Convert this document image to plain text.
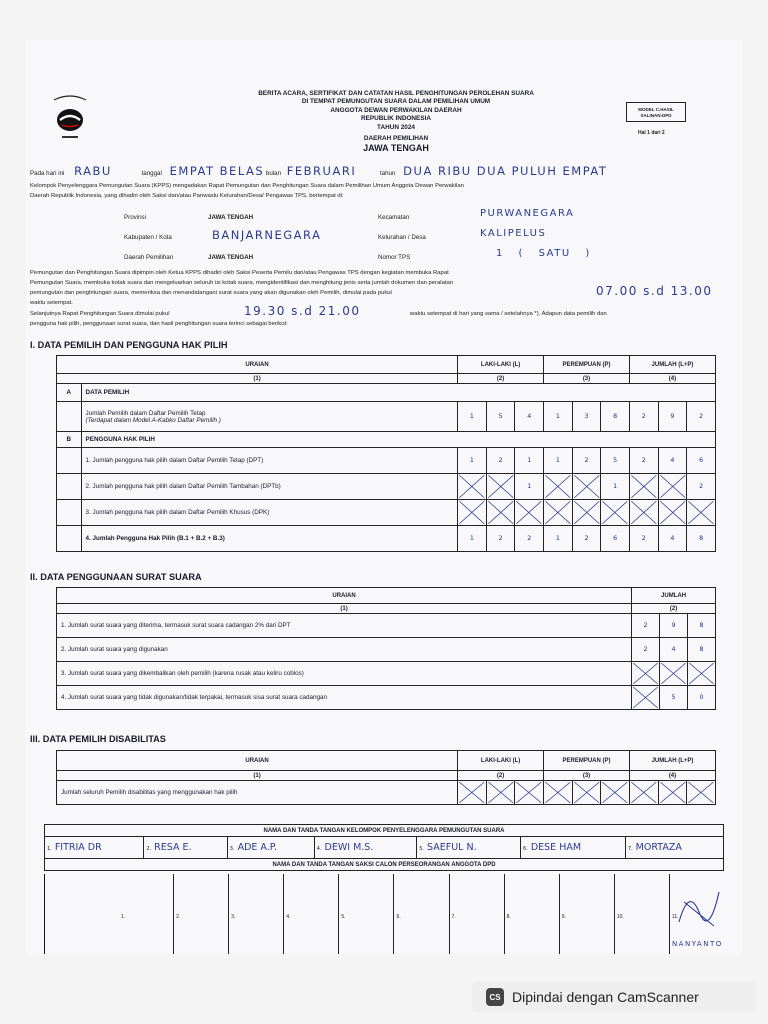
BERITA ACARA, SERTIFIKAT DAN CATATAN HASIL PENGHITUNGAN PEROLEHAN SUARA
DI TEMPAT PEMUNGUTAN SUARA DALAM PEMILIHAN UMUM
ANGGOTA DEWAN PERWAKILAN DAERAH
REPUBLIK INDONESIA
TAHUN 2024
DAERAH PEMILIHAN
JAWA TENGAH
MODEL C.HASIL SALINAN-DPD
Hal 1 dari 2
Pada hari ini RABU	tanggal EMPAT BELAS bulan FEBRUARI	tahun DUA RIBU DUA PULUH EMPAT
Kelompok Penyelenggara Pemungutan Suara (KPPS) mengadakan Rapat Pemungutan dan Penghitungan Suara dalam Pemilihan Umum Anggota Dewan Perwakilan
Daerah Republik Indonesia, yang dihadiri oleh Saksi dan/atau Panwaslu Kelurahan/Desa/ Pengawas TPS, bertempat di:
Provinsi	JAWA TENGAH
Kabupaten / Kota	BANJARNEGARA
Daerah Pemilihan	JAWA TENGAH
Kecamatan	PURWANEGARA
Kelurahan / Desa	KALIPELUS
Nomor TPS	1 ( SATU )
Pemungutan dan Penghitungan Suara dipimpin oleh Ketua KPPS dihadiri oleh Saksi Peserta Pemilu dan/atau Pengawas TPS dengan kegiatan membuka Rapat
Pemungutan Suara, membuka kotak suara dan mengeluarkan seluruh isi kotak suara, mengidentifikasi dan menghitung jenis serta jumlah dokumen dan peralatan
pemungutan dan penghitungan suara, memeriksa dan menandatangani surat suara yang akan digunakan oleh Pemilih, dimulai pada pukul	07.00 s.d 13.00
waktu setempat.
Selanjutnya Rapat Penghitungan Suara dimulai pukul	19.30 s.d 21.00	waktu setempat di hari yang sama / setelahnya *). Adapun data pemilih dan
pengguna hak pilih, penggunaan surat suara, dan hasil penghitungan suara terinci sebagai berikut:
I. DATA PEMILIH DAN PENGGUNA HAK PILIH
URAIAN		LAKI-LAKI (L)			PEREMPUAN (P)			JUMLAH (L+P)		
(1)		(2)			(3)			(4)		
A	DATA PEMILIH									

	Jumlah Pemilih dalam Daftar Pemilih Tetap
(Terdapat dalam Model A-Kabko Daftar Pemilih )	1	5	4	1	3	8	2	9	2
B	PENGGUNA HAK PILIH									
	1. Jumlah pengguna hak pilih dalam Daftar Pemilih Tetap (DPT)	1	2	1	1	2	5	2	4	6
	2. Jumlah pengguna hak pilih dalam Daftar Pemilih Tambahan (DPTb)			1			1			2
	3. Jumlah pengguna hak pilih dalam Daftar Pemilih Khusus (DPK)	

	4. Jumlah Pengguna Hak Pilih (B.1 + B.2 + B.3)	1	2	2	1	2	6	2	4	8
II. DATA PENGGUNAAN SURAT SUARA
URAIAN	JUMLAH		
(1)	(2)		
1. Jumlah surat suara yang diterima, termasuk surat suara cadangan 2% dari DPT	2	9	8
2. Jumlah surat suara yang digunakan	2	4	8
3. Jumlah surat suara yang dikembalikan oleh pemilih (karena rusak atau keliru coblos)	

4. Jumlah surat suara yang tidak digunakan/tidak terpakai, termasuk sisa surat suara cadangan		5	0
III. DATA PEMILIH DISABILITAS
URAIAN	LAKI-LAKI (L)			PEREMPUAN (P)			JUMLAH (L+P)		
(1)	(2)			(3)			(4)		
Jumlah seluruh Pemilih disabilitas yang menggunakan hak pilih	

NAMA DAN TANDA TANGAN KELOMPOK PENYELENGGARA PEMUNGUTAN SUARA
1. FITRIA DR	2. RESA E.	3. ADE A.P.	4. DEWI M.S.	5. SAEFUL N.	6. DESE HAM	7. MORTAZA
NAMA DAN TANDA TANGAN SAKSI CALON PERSEORANGAN ANGGOTA DPD
1.	2.	3.	4.	5.	6.	7.	8.	9.	10.	11.
NANYANTO
CS Dipindai dengan CamScanner
